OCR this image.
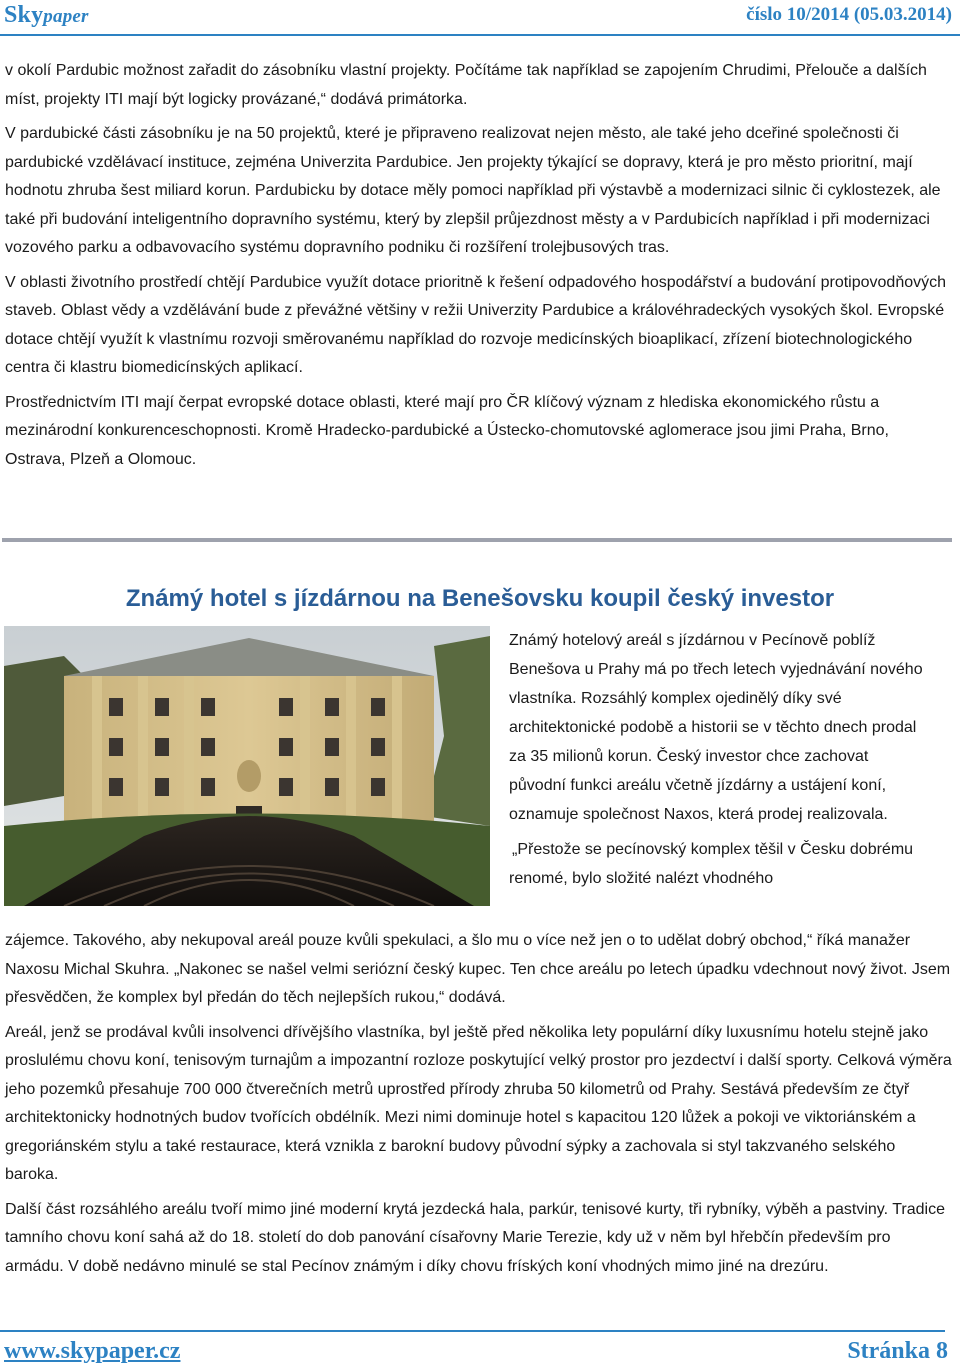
Skypaper	číslo 10/2014 (05.03.2014)

v okolí Pardubic možnost zařadit do zásobníku vlastní projekty. Počítáme tak například se zapojením Chrudimi, Přelouče a dalších míst, projekty ITI mají být logicky provázané,“ dodává primátorka.

V pardubické části zásobníku je na 50 projektů, které je připraveno realizovat nejen město, ale také jeho dceřiné společnosti či pardubické vzdělávací instituce, zejména Univerzita Pardubice. Jen projekty týkající se dopravy, která je pro město prioritní, mají hodnotu zhruba šest miliard korun. Pardubicku by dotace měly pomoci například při výstavbě a modernizaci silnic či cyklostezek, ale také při budování inteligentního dopravního systému, který by zlepšil průjezdnost městy a v Pardubicích například i při modernizaci vozového parku a odbavovacího systému dopravního podniku či rozšíření trolejbusových tras.

V oblasti životního prostředí chtějí Pardubice využít dotace prioritně k řešení odpadového hospodářství a budování protipovodňových staveb. Oblast vědy a vzdělávání bude z převážné většiny v režii Univerzity Pardubice a královéhradeckých vysokých škol. Evropské dotace chtějí využít k vlastnímu rozvoji směrovanému například do rozvoje medicínských bioaplikací, zřízení biotechnologického centra či klastru biomedicínských aplikací.

Prostřednictvím ITI mají čerpat evropské dotace oblasti, které mají pro ČR klíčový význam z hlediska ekonomického růstu a mezinárodní konkurenceschopnosti. Kromě Hradecko-pardubické a Ústecko-chomutovské aglomerace jsou jimi Praha, Brno, Ostrava, Plzeň a Olomouc.

Známý hotel s jízdárnou na Benešovsku koupil český investor

Známý hotelový areál s jízdárnou v Pecínově poblíž Benešova u Prahy má po třech letech vyjednávání nového vlastníka. Rozsáhlý komplex ojedinělý díky své architektonické podobě a historii se v těchto dnech prodal za 35 milionů korun. Český investor chce zachovat původní funkci areálu včetně jízdárny a ustájení koní, oznamuje společnost Naxos, která prodej realizovala.

„Přestože se pecínovský komplex těšil v Česku dobrému renomé, bylo složité nalézt vhodného

zájemce. Takového, aby nekupoval areál pouze kvůli spekulaci, a šlo mu o více než jen o to udělat dobrý obchod,“ říká manažer Naxosu Michal Skuhra. „Nakonec se našel velmi seriózní český kupec. Ten chce areálu po letech úpadku vdechnout nový život. Jsem přesvědčen, že komplex byl předán do těch nejlepších rukou,“ dodává.

Areál, jenž se prodával kvůli insolvenci dřívějšího vlastníka, byl ještě před několika lety populární díky luxusnímu hotelu stejně jako proslulému chovu koní, tenisovým turnajům a impozantní rozloze poskytující velký prostor pro jezdectví i další sporty. Celková výměra jeho pozemků přesahuje 700 000 čtverečních metrů uprostřed přírody zhruba 50 kilometrů od Prahy. Sestává především ze čtyř architektonicky hodnotných budov tvořících obdélník. Mezi nimi dominuje hotel s kapacitou 120 lůžek a pokoji ve viktoriánském a gregoriánském stylu a také restaurace, která vznikla z barokní budovy původní sýpky a zachovala si styl takzvaného selského baroka.

Další část rozsáhlého areálu tvoří mimo jiné moderní krytá jezdecká hala, parkúr, tenisové kurty, tři rybníky, výběh a pastviny. Tradice tamního chovu koní sahá až do 18. století do dob panování císařovny Marie Terezie, kdy už v něm byl hřebčín především pro armádu. V době nedávno minulé se stal Pecínov známým i díky chovu fríských koní vhodných mimo jiné na drezúru.

www.skypaper.cz	Stránka 8
